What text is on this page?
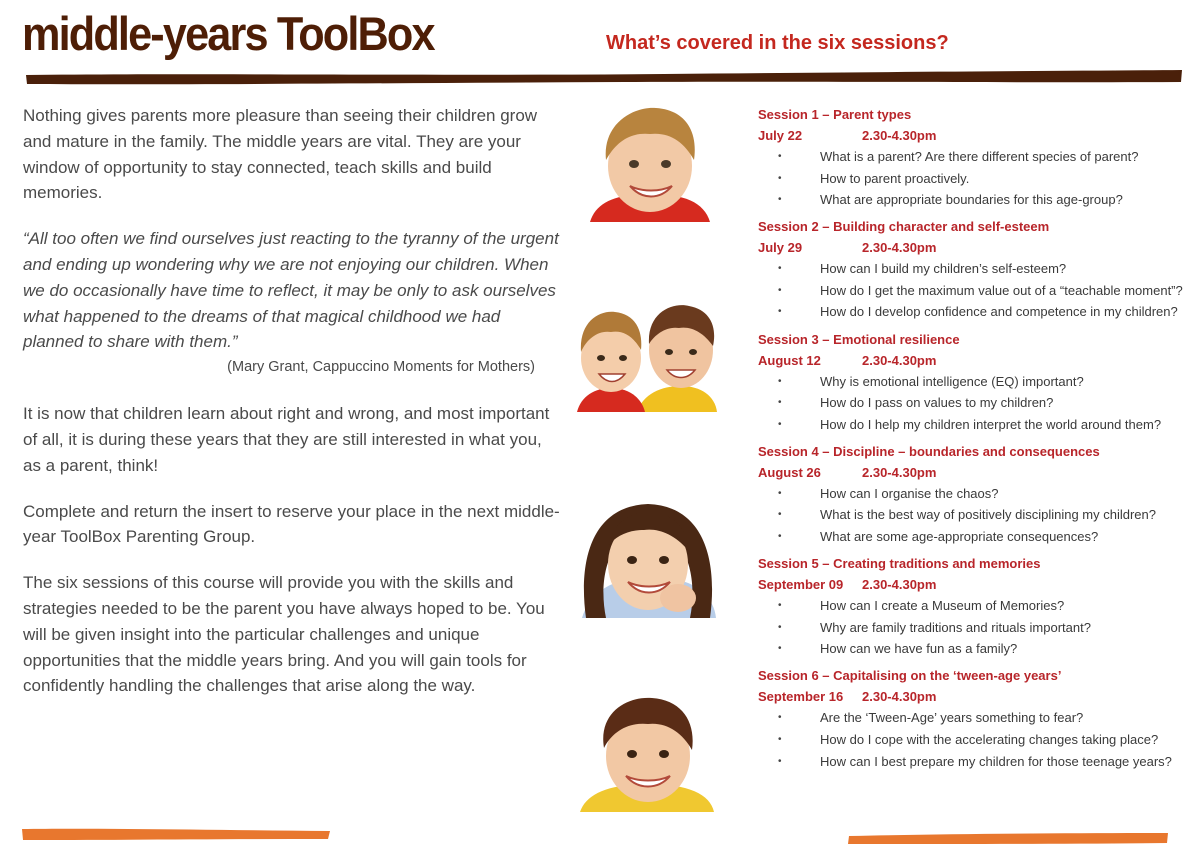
middle-years ToolBox	What’s covered in the six sessions?

Nothing gives parents more pleasure than seeing their children grow and mature in the family. The middle years are vital. They are your window of opportunity to stay connected, teach skills and build memories.

“All too often we find ourselves just reacting to the tyranny of the urgent and ending up wondering why we are not enjoying our children. When we do occasionally have time to reflect, it may be only to ask ourselves what happened to the dreams of that magical childhood we had planned to share with them.”

(Mary Grant, Cappuccino Moments for Mothers)

It is now that children learn about right and wrong, and most important of all, it is during these years that they are still interested in what you, as a parent, think!

Complete and return the insert to reserve your place in the next middle-year ToolBox Parenting Group.

The six sessions of this course will provide you with the skills and strategies needed to be the parent you have always hoped to be. You will be given insight into the particular challenges and unique opportunities that the middle years bring. And you will gain tools for confidently handling the challenges that arise along the way.

Session 1 – Parent types
July 22	2.30-4.30pm
•	What is a parent? Are there different species of parent?
•	How to parent proactively.
•	What are appropriate boundaries for this age-group?
Session 2 – Building character and self-esteem
July 29	2.30-4.30pm
•	How can I build my children’s self-esteem?
•	How do I get the maximum value out of a “teachable moment”?
•	How do I develop confidence and competence in my children?
Session 3 – Emotional resilience
August 12	2.30-4.30pm
•	Why is emotional intelligence (EQ) important?
•	How do I pass on values to my children?
•	How do I help my children interpret the world around them?
Session 4 – Discipline – boundaries and consequences
August 26	2.30-4.30pm
•	How can I organise the chaos?
•	What is the best way of positively disciplining my children?
•	What are some age-appropriate consequences?
Session 5 – Creating traditions and memories
September 09 2.30-4.30pm
•	How can I create a Museum of Memories?
•	Why are family traditions and rituals important?
•	How can we have fun as a family?
Session 6 – Capitalising on the ‘tween-age years’
September 16 2.30-4.30pm
•	Are the ‘Tween-Age’ years something to fear?
•	How do I cope with the accelerating changes taking place?
•	How can I best prepare my children for those teenage years?
